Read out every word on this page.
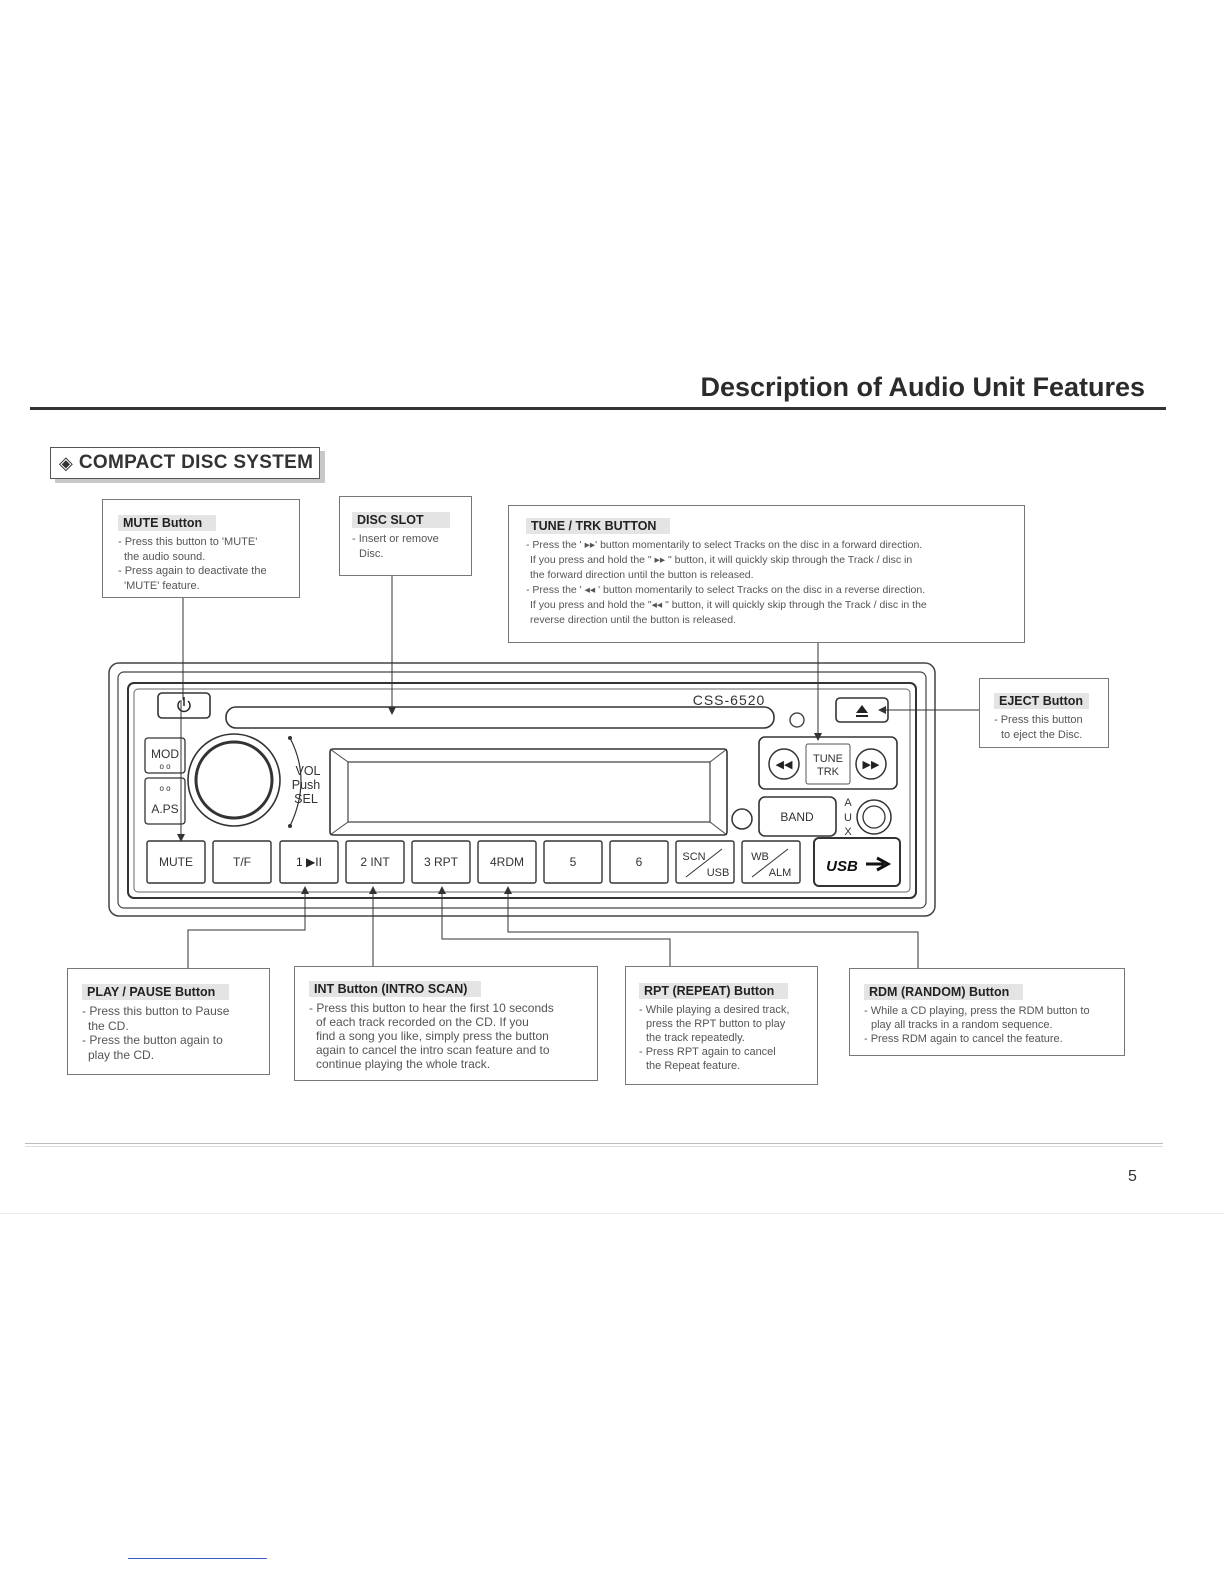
Description of Audio Unit Features
◈ COMPACT DISC SYSTEM
MUTE Button
- Press this button to 'MUTE'
the audio sound.
- Press again to deactivate the
'MUTE' feature.
DISC SLOT
- Insert or remove
Disc.
TUNE / TRK BUTTON
- Press the ' ▸▸' button momentarily to select Tracks on the disc in a forward direction.
If you press and hold the " ▸▸ " button, it will quickly skip through the Track / disc in
the forward direction until the button is released.
- Press the ' ◂◂ ' button momentarily to select Tracks on the disc in a reverse direction.
If you press and hold the "◂◂ " button, it will quickly skip through the Track / disc in the
reverse direction until the button is released.
EJECT Button
- Press this button
to eject the Disc.
PLAY / PAUSE Button
- Press this button to Pause
the CD.
- Press the button again to
play the CD.
INT Button (INTRO SCAN)
- Press this button to hear the first 10 seconds
of each track recorded on the CD. If you
find a song you like, simply press the button
again to cancel the intro scan feature and to
continue playing the whole track.
RPT (REPEAT) Button
- While playing a desired track,
press the RPT button to play
the track repeatedly.
- Press RPT again to cancel
the Repeat feature.
RDM (RANDOM) Button
- While a CD playing, press the RDM button to
play all tracks in a random sequence.
- Press RDM again to cancel the feature.
CSS-6520
MOD
o o
o o
A.PS
VOL
Push
SEL
◀◀ TUNE
TRK
▶▶
BAND
A
U
X
MUTE	T/F	1 ▶II	2 INT	3 RPT	4RDM	5	6	SCN
USB
WB
ALM USB
5
